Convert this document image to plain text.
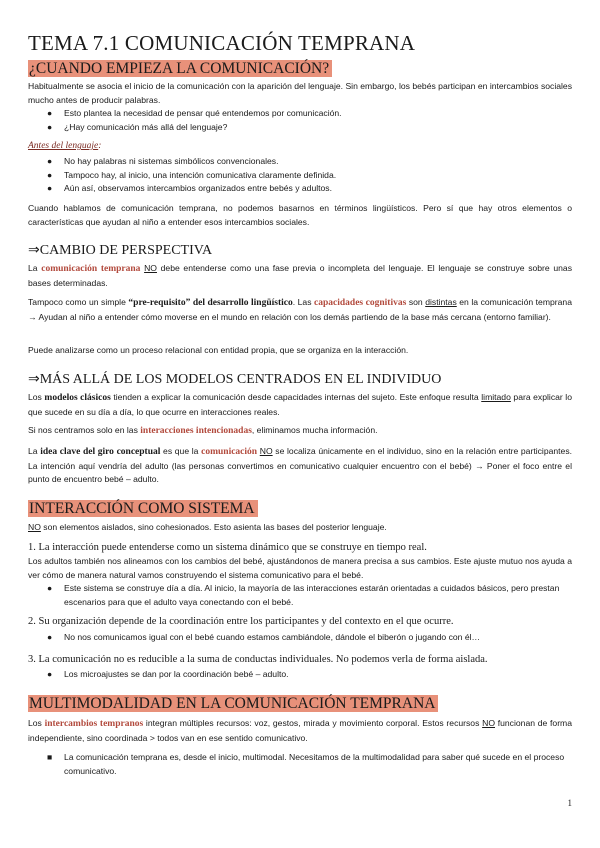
TEMA 7.1 COMUNICACIÓN TEMPRANA
¿CUANDO EMPIEZA LA COMUNICACIÓN?

Habitualmente se asocia el inicio de la comunicación con la aparición del lenguaje. Sin embargo, los bebés participan en intercambios sociales mucho antes de producir palabras.

● Esto plantea la necesidad de pensar qué entendemos por comunicación.
● ¿Hay comunicación más allá del lenguaje?
Antes del lenguaje:
● No hay palabras ni sistemas simbólicos convencionales.
● Tampoco hay, al inicio, una intención comunicativa claramente definida.
● Aún así, observamos intercambios organizados entre bebés y adultos.

Cuando hablamos de comunicación temprana, no podemos basarnos en términos lingüísticos. Pero sí que hay otros elementos o características que ayudan al niño a entender esos intercambios sociales.

⇒CAMBIO DE PERSPECTIVA

La comunicación temprana NO debe entenderse como una fase previa o incompleta del lenguaje. El lenguaje se construye sobre unas bases determinadas.

Tampoco como un simple “pre-requisito” del desarrollo lingüístico. Las capacidades cognitivas son distintas en la comunicación temprana → Ayudan al niño a entender cómo moverse en el mundo en relación con los demás partiendo de la base más cercana (entorno familiar).

Puede analizarse como un proceso relacional con entidad propia, que se organiza en la interacción.

⇒MÁS ALLÁ DE LOS MODELOS CENTRADOS EN EL INDIVIDUO

Los modelos clásicos tienden a explicar la comunicación desde capacidades internas del sujeto. Este enfoque resulta limitado para explicar lo que sucede en su día a día, lo que ocurre en interacciones reales.

Si nos centramos solo en las interacciones intencionadas, eliminamos mucha información.

La idea clave del giro conceptual es que la comunicación NO se localiza únicamente en el individuo, sino en la relación entre participantes. La intención aquí vendría del adulto (las personas convertimos en comunicativo cualquier encuentro con el bebé) → Poner el foco entre el punto de encuentro bebé – adulto.

INTERACCIÓN COMO SISTEMA

NO son elementos aislados, sino cohesionados. Esto asienta las bases del posterior lenguaje.

1. La interacción puede entenderse como un sistema dinámico que se construye en tiempo real.

Los adultos también nos alineamos con los cambios del bebé, ajustándonos de manera precisa a sus cambios. Este ajuste mutuo nos ayuda a ver cómo de manera natural vamos construyendo el sistema comunicativo para el bebé.

● Este sistema se construye día a día. Al inicio, la mayoría de las interacciones estarán orientadas a cuidados básicos, pero prestan escenarios para que el adulto vaya conectando con el bebé.
2. Su organización depende de la coordinación entre los participantes y del contexto en el que ocurre.
● No nos comunicamos igual con el bebé cuando estamos cambiándole, dándole el biberón o jugando con él…
3. La comunicación no es reducible a la suma de conductas individuales. No podemos verla de forma aislada.
● Los microajustes se dan por la coordinación bebé – adulto.
MULTIMODALIDAD EN LA COMUNICACIÓN TEMPRANA

Los intercambios tempranos integran múltiples recursos: voz, gestos, mirada y movimiento corporal. Estos recursos NO funcionan de forma independiente, sino coordinada > todos van en ese sentido comunicativo.

■ La comunicación temprana es, desde el inicio, multimodal. Necesitamos de la multimodalidad para saber qué sucede en el proceso comunicativo.
1
